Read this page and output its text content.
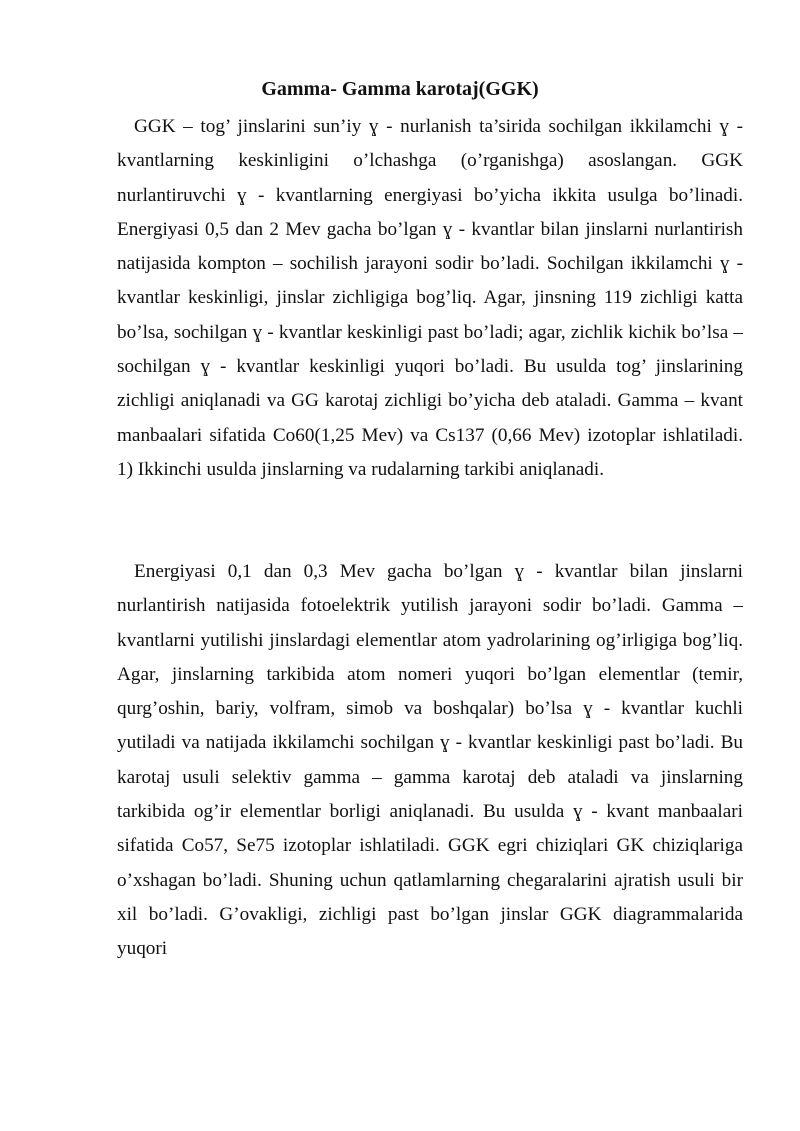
Gamma- Gamma karotaj(GGK)

GGK – tog’ jinslarini sun’iy ɣ - nurlanish ta’sirida sochilgan ikkilamchi ɣ - kvantlarning keskinligini o’lchashga (o’rganishga) asoslangan. GGK nurlantiruvchi ɣ - kvantlarning energiyasi bo’yicha ikkita usulga bo’linadi. Energiyasi 0,5 dan 2 Mev gacha bo’lgan ɣ - kvantlar bilan jinslarni nurlantirish natijasida kompton – sochilish jarayoni sodir bo’ladi. Sochilgan ikkilamchi ɣ - kvantlar keskinligi, jinslar zichligiga bog’liq. Agar, jinsning 119 zichligi katta bo’lsa, sochilgan ɣ - kvantlar keskinligi past bo’ladi; agar, zichlik kichik bo’lsa – sochilgan ɣ - kvantlar keskinligi yuqori bo’ladi. Bu usulda tog’ jinslarining zichligi aniqlanadi va GG karotaj zichligi bo’yicha deb ataladi. Gamma – kvant manbaalari sifatida Co60(1,25 Mev) va Cs137 (0,66 Mev) izotoplar ishlatiladi. 1) Ikkinchi usulda jinslarning va rudalarning tarkibi aniqlanadi.

Energiyasi 0,1 dan 0,3 Mev gacha bo’lgan ɣ - kvantlar bilan jinslarni nurlantirish natijasida fotoelektrik yutilish jarayoni sodir bo’ladi. Gamma – kvantlarni yutilishi jinslardagi elementlar atom yadrolarining og’irligiga bog’liq. Agar, jinslarning tarkibida atom nomeri yuqori bo’lgan elementlar (temir, qurg’oshin, bariy, volfram, simob va boshqalar) bo’lsa ɣ - kvantlar kuchli yutiladi va natijada ikkilamchi sochilgan ɣ - kvantlar keskinligi past bo’ladi. Bu karotaj usuli selektiv gamma – gamma karotaj deb ataladi va jinslarning tarkibida og’ir elementlar borligi aniqlanadi. Bu usulda ɣ - kvant manbaalari sifatida Co57, Se75 izotoplar ishlatiladi. GGK egri chiziqlari GK chiziqlariga o’xshagan bo’ladi. Shuning uchun qatlamlarning chegaralarini ajratish usuli bir xil bo’ladi. G’ovakligi, zichligi past bo’lgan jinslar GGK diagrammalarida yuqori
